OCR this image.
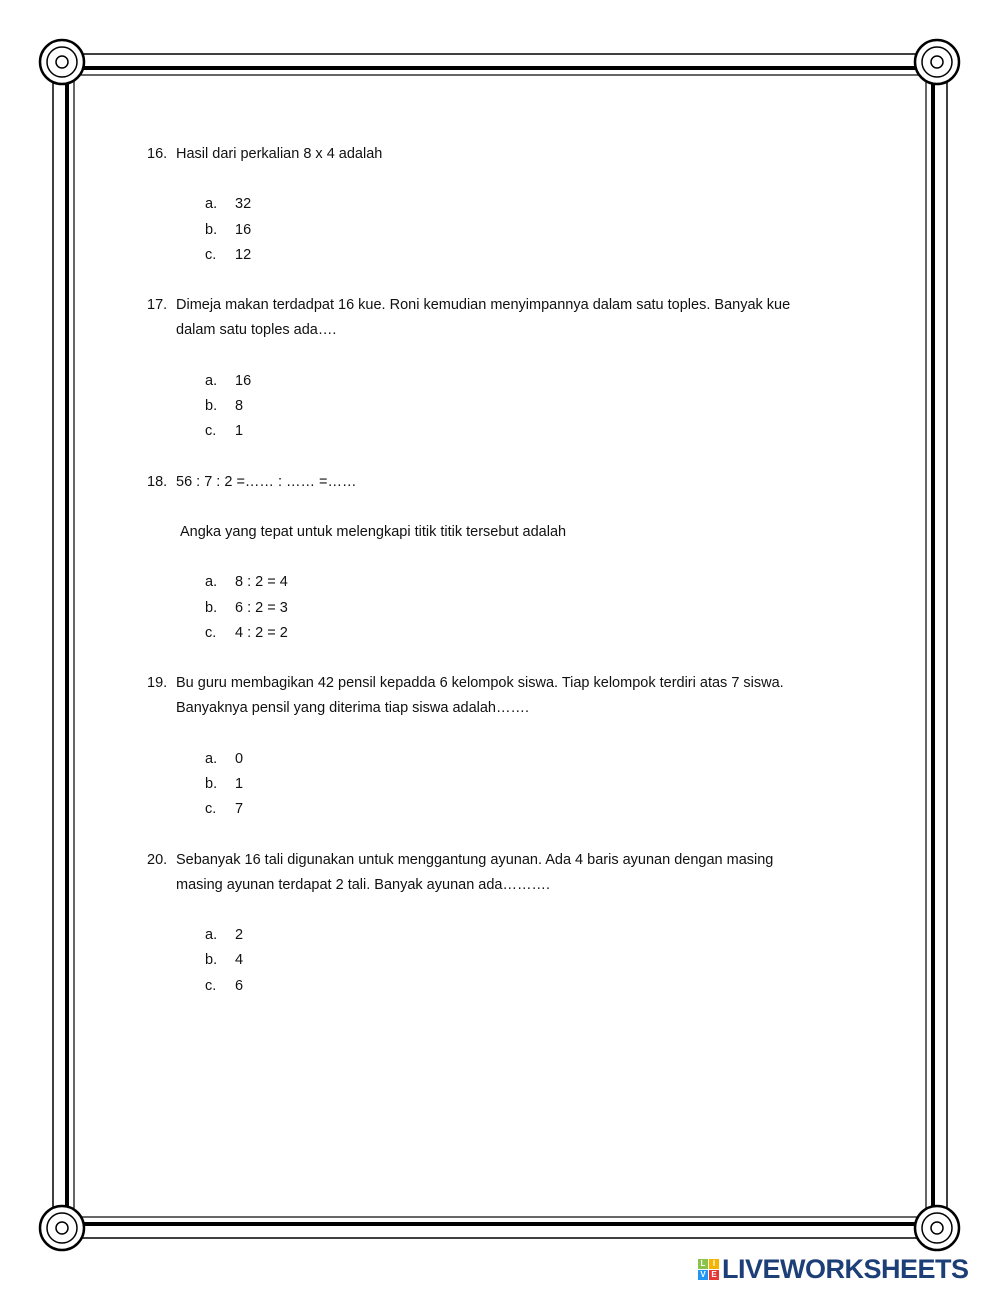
16. Hasil dari perkalian 8 x 4 adalah
a. 32
b. 16
c. 12
17. Dimeja makan terdadpat 16 kue. Roni kemudian menyimpannya dalam satu toples. Banyak kue
dalam satu toples ada….
a. 16
b. 8
c. 1
18. 56 : 7 : 2 =…… : …… =……
Angka yang tepat untuk melengkapi titik titik tersebut adalah
a. 8 : 2 = 4
b. 6 : 2 = 3
c. 4 : 2 = 2
19. Bu guru membagikan 42 pensil kepadda 6 kelompok siswa. Tiap kelompok terdiri atas 7 siswa.
Banyaknya pensil yang diterima tiap siswa adalah…….
a. 0
b. 1
c. 7
20. Sebanyak 16 tali digunakan untuk menggantung ayunan. Ada 4 baris ayunan dengan masing
masing ayunan terdapat 2 tali. Banyak ayunan ada……….
a. 2
b. 4
c. 6
L I
V E LIVEWORKSHEETS
